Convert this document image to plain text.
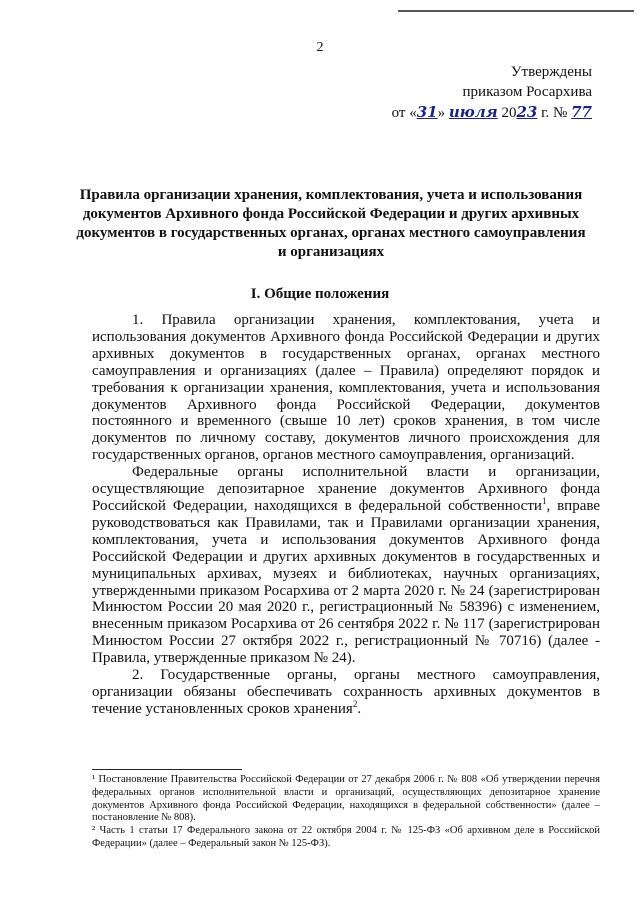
2
Утверждены
приказом Росархива
от «31» июля 2023 г. № 77
Правила организации хранения, комплектования, учета и использования документов Архивного фонда Российской Федерации и других архивных документов в государственных органах, органах местного самоуправления и организациях
I. Общие положения

1. Правила организации хранения, комплектования, учета и использования документов Архивного фонда Российской Федерации и других архивных документов в государственных органах, органах местного самоуправления и организациях (далее – Правила) определяют порядок и требования к организации хранения, комплектования, учета и использования документов Архивного фонда Российской Федерации, документов постоянного и временного (свыше 10 лет) сроков хранения, в том числе документов по личному составу, документов личного происхождения для государственных органов, органов местного самоуправления, организаций.

Федеральные органы исполнительной власти и организации, осуществляющие депозитарное хранение документов Архивного фонда Российской Федерации, находящихся в федеральной собственности$^1$, вправе руководствоваться как Правилами, так и Правилами организации хранения, комплектования, учета и использования документов Архивного фонда Российской Федерации и других архивных документов в государственных и муниципальных архивах, музеях и библиотеках, научных организациях, утвержденными приказом Росархива от 2 марта 2020 г. № 24 (зарегистрирован Минюстом России 20 мая 2020 г., регистрационный № 58396) с изменением, внесенным приказом Росархива от 26 сентября 2022 г. № 117 (зарегистрирован Минюстом России 27 октября 2022 г., регистрационный № 70716) (далее - Правила, утвержденные приказом № 24).

2. Государственные органы, органы местного самоуправления, организации обязаны обеспечивать сохранность архивных документов в течение установленных сроков хранения$^2$.

¹ Постановление Правительства Российской Федерации от 27 декабря 2006 г. № 808 «Об утверждении перечня федеральных органов исполнительной власти и организаций, осуществляющих депозитарное хранение документов Архивного фонда Российской Федерации, находящихся в федеральной собственности» (далее – постановление № 808).

² Часть 1 статьи 17 Федерального закона от 22 октября 2004 г. № 125-ФЗ «Об архивном деле в Российской Федерации» (далее – Федеральный закон № 125-ФЗ).
